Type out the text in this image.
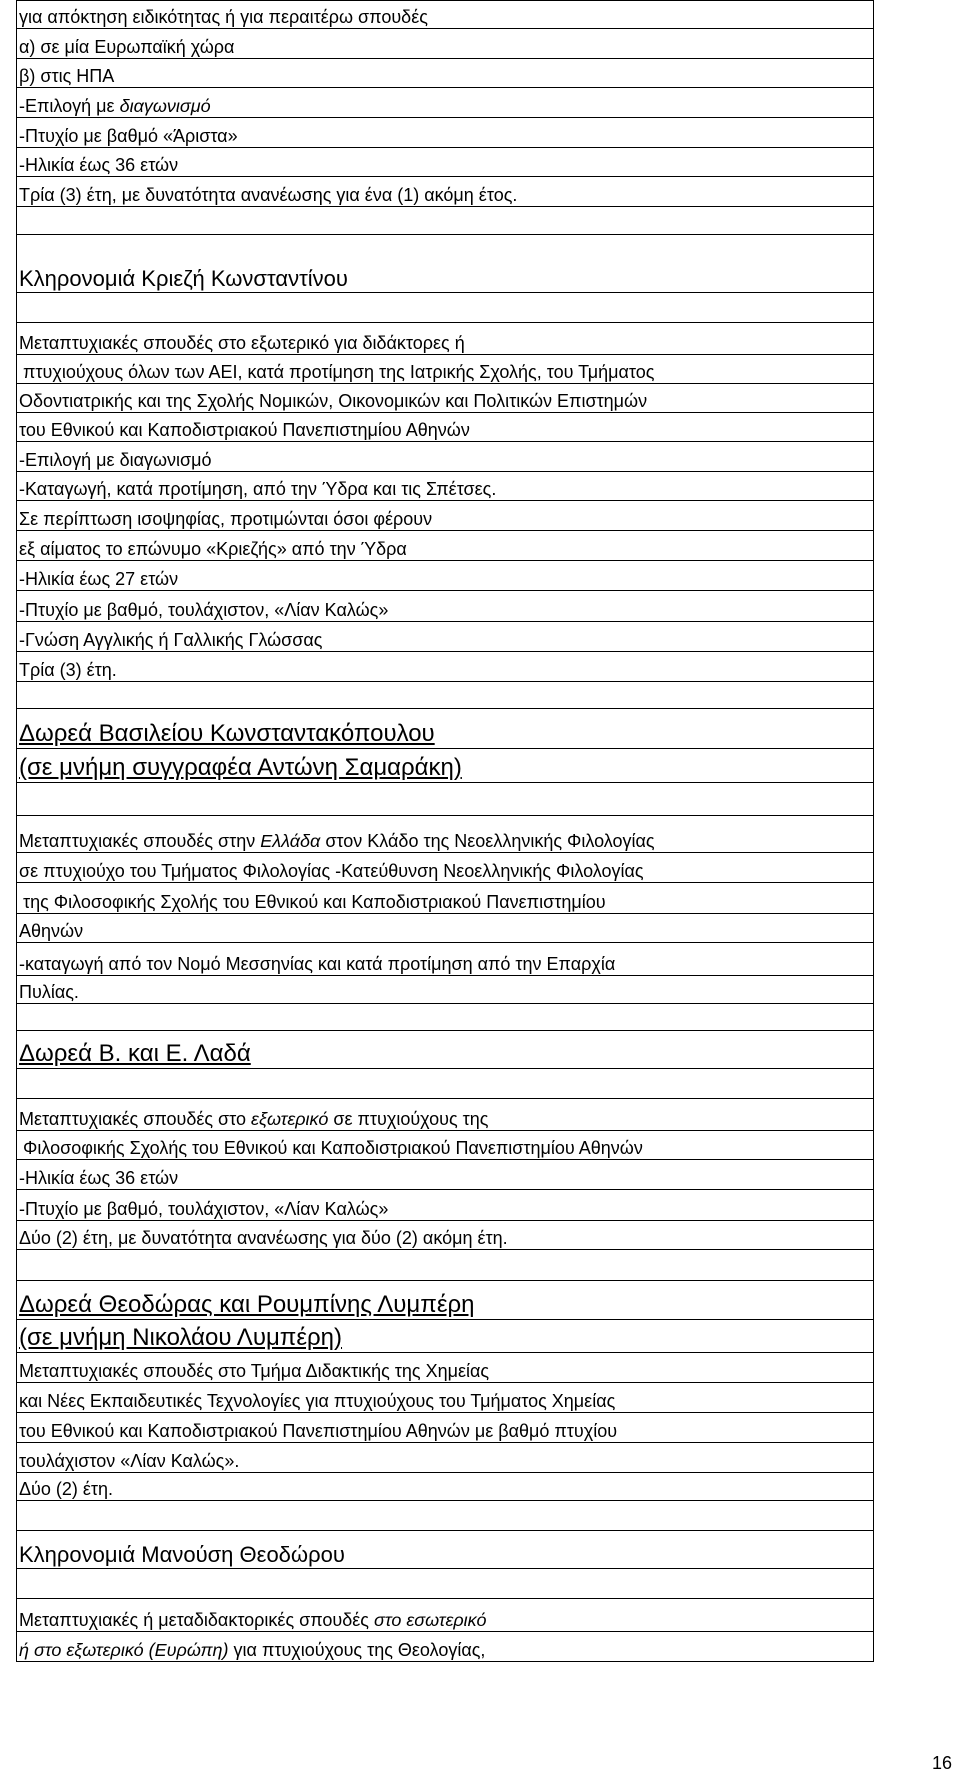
για απόκτηση ειδικότητας ή για περαιτέρω σπουδές
α) σε μία Ευρωπαϊκή χώρα
β) στις ΗΠΑ
-Επιλογή με διαγωνισμό
-Πτυχίο με βαθμό «Άριστα»
-Ηλικία έως 36 ετών
Τρία (3) έτη, με δυνατότητα ανανέωσης για ένα (1) ακόμη έτος.
Κληρονομιά Κριεζή Κωνσταντίνου
Μεταπτυχιακές σπουδές στο εξωτερικό για διδάκτορες ή
πτυχιούχους όλων των ΑΕΙ, κατά προτίμηση της Ιατρικής Σχολής, του Τμήματος
Οδοντιατρικής και της Σχολής Νομικών, Οικονομικών και Πολιτικών Επιστημών
του Εθνικού και Καποδιστριακού Πανεπιστημίου Αθηνών
-Επιλογή με διαγωνισμό
-Καταγωγή, κατά προτίμηση, από την Ύδρα και τις Σπέτσες.
Σε περίπτωση ισοψηφίας, προτιμώνται όσοι φέρουν
εξ αίματος το επώνυμο «Κριεζής» από την Ύδρα
-Ηλικία έως 27 ετών
-Πτυχίο με βαθμό, τουλάχιστον, «Λίαν Καλώς»
-Γνώση Αγγλικής ή Γαλλικής Γλώσσας
Τρία (3) έτη.
Δωρεά Βασιλείου Κωνσταντακόπουλου
(σε μνήμη συγγραφέα Αντώνη Σαμαράκη)
Μεταπτυχιακές σπουδές στην Ελλάδα στον Κλάδο της Νεοελληνικής Φιλολογίας
σε πτυχιούχο του Τμήματος Φιλολογίας -Κατεύθυνση Νεοελληνικής Φιλολογίας
της Φιλοσοφικής Σχολής του Εθνικού και Καποδιστριακού Πανεπιστημίου
Αθηνών
-καταγωγή από τον Νομό Μεσσηνίας και κατά προτίμηση από την Επαρχία
Πυλίας.
Δωρεά Β. και Ε. Λαδά
Μεταπτυχιακές σπουδές στο εξωτερικό σε πτυχιούχους της
Φιλοσοφικής Σχολής του Εθνικού και Καποδιστριακού Πανεπιστημίου Αθηνών
-Ηλικία έως 36 ετών
-Πτυχίο με βαθμό, τουλάχιστον, «Λίαν Καλώς»
Δύο (2) έτη, με δυνατότητα ανανέωσης για δύο (2) ακόμη έτη.
Δωρεά Θεοδώρας και Ρουμπίνης Λυμπέρη
(σε μνήμη Νικολάου Λυμπέρη)
Μεταπτυχιακές σπουδές στο Τμήμα Διδακτικής της Χημείας
και Νέες Εκπαιδευτικές Τεχνολογίες για πτυχιούχους του Τμήματος Χημείας
του Εθνικού και Καποδιστριακού Πανεπιστημίου Αθηνών με βαθμό πτυχίου
τουλάχιστον «Λίαν Καλώς».
Δύο (2) έτη.
Κληρονομιά Μανούση Θεοδώρου
Μεταπτυχιακές ή μεταδιδακτορικές σπουδές στο εσωτερικό
ή στο εξωτερικό (Ευρώπη) για πτυχιούχους της Θεολογίας,
16
